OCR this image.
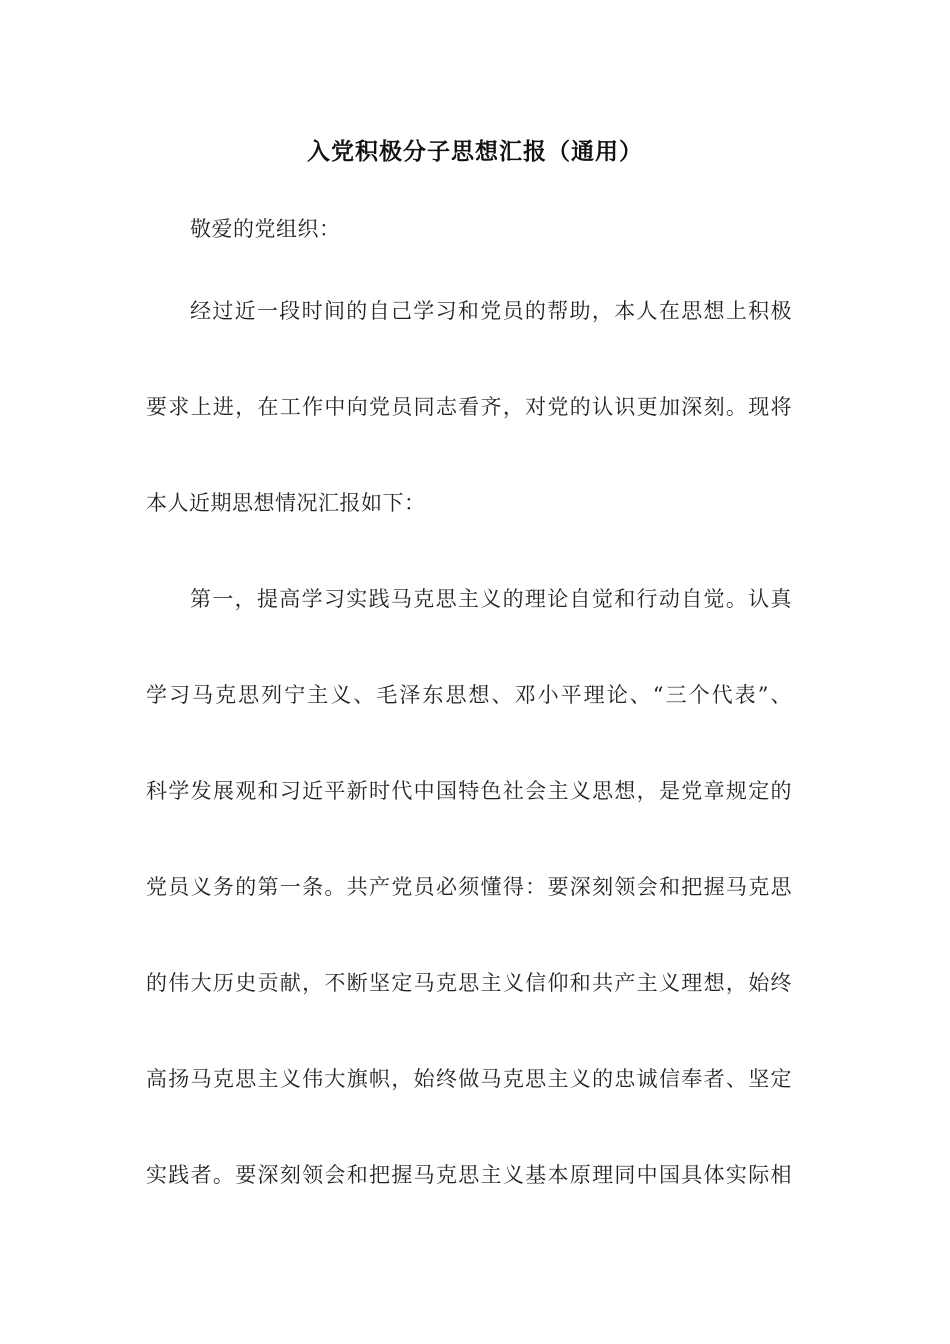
入党积极分子思想汇报（通用）
敬爱的党组织：
经过近一段时间的自己学习和党员的帮助，本人在思想上积极
要求上进，在工作中向党员同志看齐，对党的认识更加深刻。现将
本人近期思想情况汇报如下：
第一，提高学习实践马克思主义的理论自觉和行动自觉。认真
学习马克思列宁主义、毛泽东思想、邓小平理论、“三个代表”、
科学发展观和习近平新时代中国特色社会主义思想，是党章规定的
党员义务的第一条。共产党员必须懂得：要深刻领会和把握马克思
的伟大历史贡献，不断坚定马克思主义信仰和共产主义理想，始终
高扬马克思主义伟大旗帜，始终做马克思主义的忠诚信奉者、坚定
实践者。要深刻领会和把握马克思主义基本原理同中国具体实际相
